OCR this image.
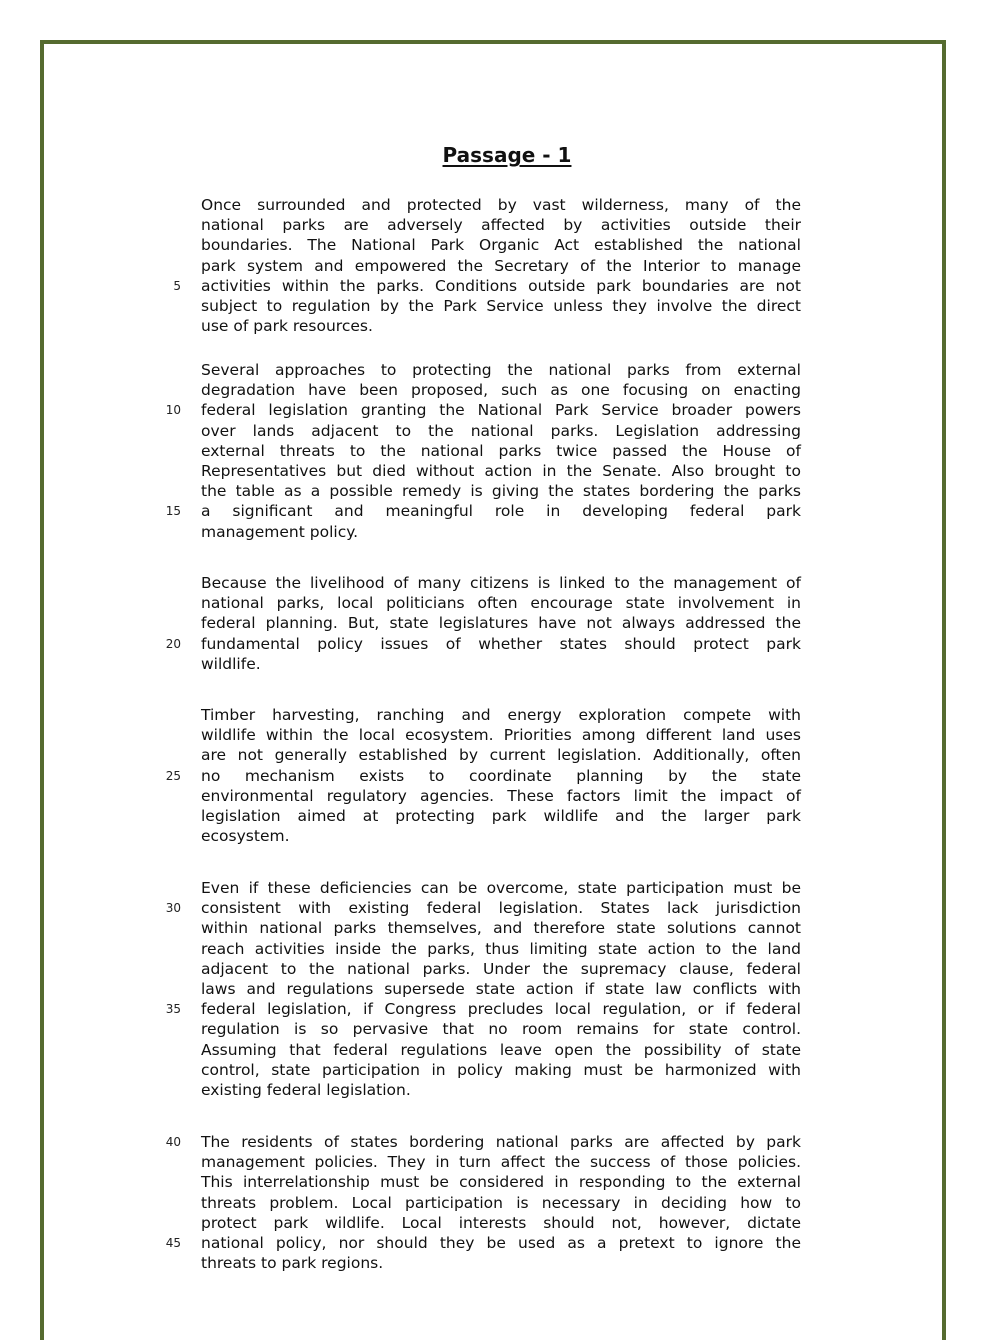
Passage - 1
Once surrounded and protected by vast wilderness, many of the
national parks are adversely affected by activities outside their
boundaries. The National Park Organic Act established the national
park system and empowered the Secretary of the Interior to manage
activities within the parks. Conditions outside park boundaries are not
5
subject to regulation by the Park Service unless they involve the direct
use of park resources.
Several approaches to protecting the national parks from external
degradation have been proposed, such as one focusing on enacting
federal legislation granting the National Park Service broader powers
10
over lands adjacent to the national parks. Legislation addressing
external threats to the national parks twice passed the House of
Representatives but died without action in the Senate. Also brought to
the table as a possible remedy is giving the states bordering the parks
a significant and meaningful role in developing federal park
15
management policy.
Because the livelihood of many citizens is linked to the management of
national parks, local politicians often encourage state involvement in
federal planning. But, state legislatures have not always addressed the
fundamental policy issues of whether states should protect park
20
wildlife.
Timber harvesting, ranching and energy exploration compete with
wildlife within the local ecosystem. Priorities among different land uses
are not generally established by current legislation. Additionally, often
no mechanism exists to coordinate planning by the state
25
environmental regulatory agencies. These factors limit the impact of
legislation aimed at protecting park wildlife and the larger park
ecosystem.
Even if these deficiencies can be overcome, state participation must be
consistent with existing federal legislation. States lack jurisdiction
30
within national parks themselves, and therefore state solutions cannot
reach activities inside the parks, thus limiting state action to the land
adjacent to the national parks. Under the supremacy clause, federal
laws and regulations supersede state action if state law conflicts with
federal legislation, if Congress precludes local regulation, or if federal
35
regulation is so pervasive that no room remains for state control.
Assuming that federal regulations leave open the possibility of state
control, state participation in policy making must be harmonized with
existing federal legislation.
The residents of states bordering national parks are affected by park
40
management policies. They in turn affect the success of those policies.
This interrelationship must be considered in responding to the external
threats problem. Local participation is necessary in deciding how to
protect park wildlife. Local interests should not, however, dictate
national policy, nor should they be used as a pretext to ignore the
45
threats to park regions.
